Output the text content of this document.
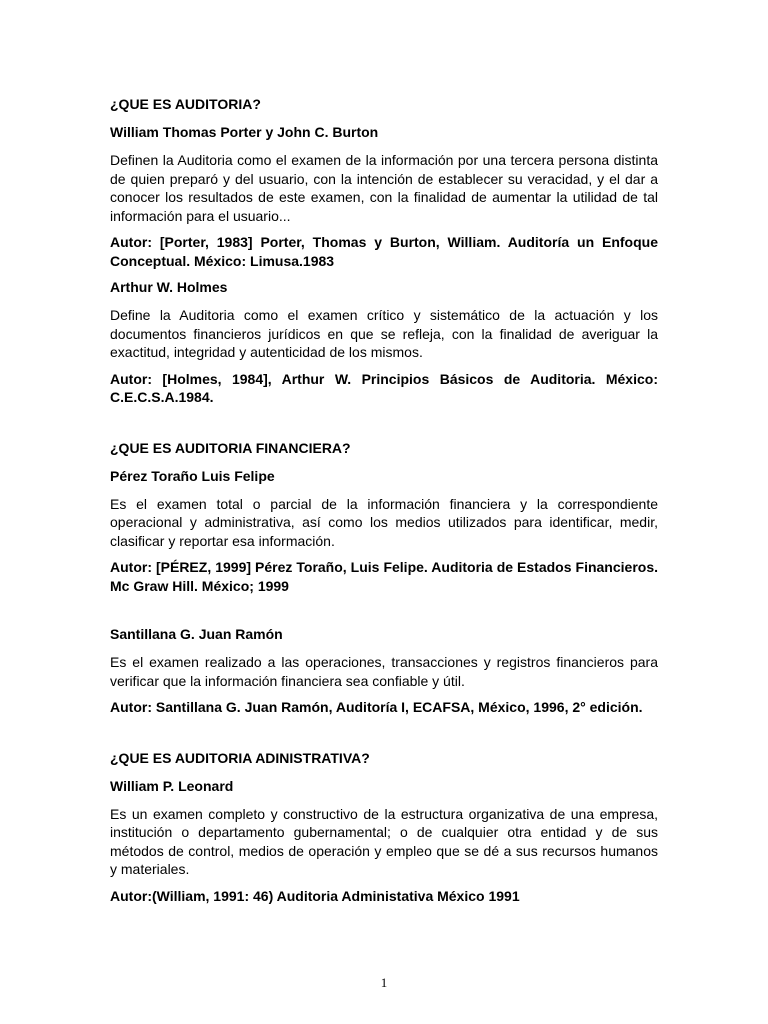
¿QUE ES AUDITORIA?
William Thomas Porter y John C. Burton
Definen la Auditoria como el examen de la información por una tercera persona distinta de quien preparó y del usuario, con la intención de establecer su veracidad, y el dar a conocer los resultados de este examen, con la finalidad de aumentar la utilidad de tal información para el usuario...
Autor: [Porter, 1983] Porter, Thomas y Burton, William. Auditoría un Enfoque Conceptual. México: Limusa.1983
Arthur W. Holmes
Define la Auditoria como el examen crítico y sistemático de la actuación y los documentos financieros jurídicos en que se refleja, con la finalidad de averiguar la exactitud, integridad y autenticidad de los mismos.
Autor: [Holmes, 1984], Arthur W. Principios Básicos de Auditoria. México: C.E.C.S.A.1984.
¿QUE ES AUDITORIA FINANCIERA?
Pérez Toraño Luis Felipe
Es el examen total o parcial de la información financiera y la correspondiente operacional y administrativa, así como los medios utilizados para identificar, medir, clasificar y reportar esa información.
Autor: [PÉREZ, 1999] Pérez Toraño, Luis Felipe. Auditoria de Estados Financieros. Mc Graw Hill. México; 1999
Santillana G. Juan Ramón
Es el examen realizado a las operaciones, transacciones y registros financieros para verificar que la información financiera sea confiable y útil.
Autor: Santillana G. Juan Ramón, Auditoría I, ECAFSA, México, 1996, 2° edición.
¿QUE ES AUDITORIA ADINISTRATIVA?
William P. Leonard
Es un examen completo y constructivo de la estructura organizativa de una empresa, institución o departamento gubernamental; o de cualquier otra entidad y de sus métodos de control, medios de operación y empleo que se dé a sus recursos humanos y materiales.
Autor:(William, 1991: 46) Auditoria Administativa México 1991
1
